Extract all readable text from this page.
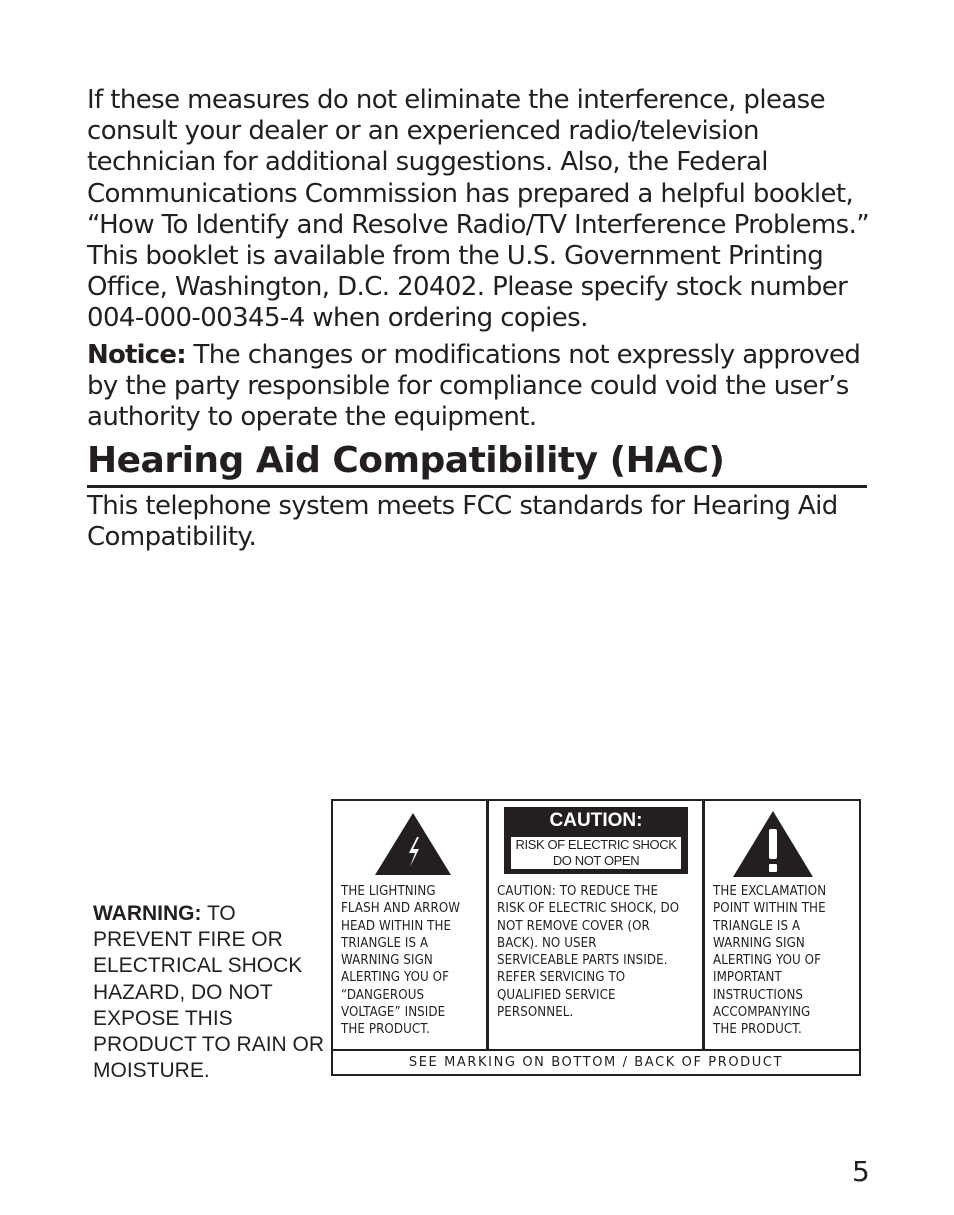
If these measures do not eliminate the interference, please consult your dealer or an experienced radio/television technician for additional suggestions. Also, the Federal Communications Commission has prepared a helpful booklet, “How To Identify and Resolve Radio/TV Interference Problems.” This booklet is available from the U.S. Government Printing Office, Washington, D.C. 20402. Please specify stock number 004-000-00345-4 when ordering copies.

Notice: The changes or modifications not expressly approved by the party responsible for compliance could void the user’s authority to operate the equipment.

Hearing Aid Compatibility (HAC)

This telephone system meets FCC standards for Hearing Aid Compatibility.

WARNING: TO PREVENT FIRE OR ELECTRICAL SHOCK HAZARD, DO NOT EXPOSE THIS PRODUCT TO RAIN OR MOISTURE.
THE LIGHTNING
FLASH AND ARROW
HEAD WITHIN THE
TRIANGLE IS A
WARNING SIGN
ALERTING YOU OF
“DANGEROUS
VOLTAGE” INSIDE
THE PRODUCT.
CAUTION:
RISK OF ELECTRIC SHOCK DO NOT OPEN
CAUTION: TO REDUCE THE
RISK OF ELECTRIC SHOCK, DO
NOT REMOVE COVER (OR
BACK). NO USER
SERVICEABLE PARTS INSIDE.
REFER SERVICING TO
QUALIFIED SERVICE
PERSONNEL.
THE EXCLAMATION
POINT WITHIN THE
TRIANGLE IS A
WARNING SIGN
ALERTING YOU OF
IMPORTANT
INSTRUCTIONS
ACCOMPANYING
THE PRODUCT.
SEE MARKING ON BOTTOM / BACK OF PRODUCT
5
